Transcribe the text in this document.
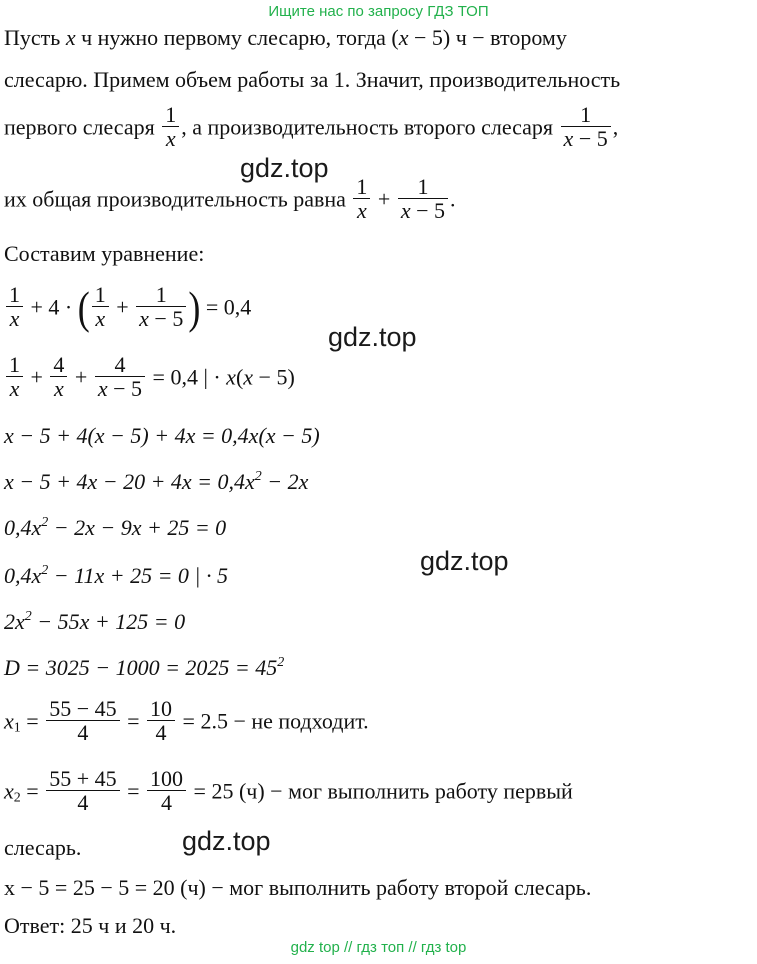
Ищите нас по запросу ГДЗ ТОП
Пусть x ч нужно первому слесарю, тогда (x − 5) ч − второму
слесарю. Примем объем работы за 1. Значит, производительность
первого слесаря $\frac{1}{x}$ , а производительность второго слесаря $\frac{1}{x - 5}$ ,
gdz.top
их общая производительность равна $\frac{1}{x} + \frac{1}{x - 5}$ .
Составим уравнение:
$\frac{1}{x} + 4$ · ( $\frac{1}{x} + \frac{1}{x - 5}$ ) = 0,4
gdz.top
$\frac{1}{x} + \frac{4}{x} + \frac{4}{x - 5} = 0,4$ | · x(x − 5)
x − 5 + 4(x − 5) + 4x = 0,4x(x − 5)
$x - 5 + 4x - 20 + 4x = 0,4x^2 - 2x$
$0,4x^2 - 2x - 9x + 25 = 0$
gdz.top
$0,4x^2 - 11x + 25 = 0$ | · 5
$2x^2 - 55x + 125 = 0$
$D = 3025 - 1000 = 2025 = 45^2$
$x_1 = \frac{55 - 45}{4} = \frac{10}{4} = 2.5$ − не подходит.
$x_2 = \frac{55 + 45}{4} = \frac{100}{4} = 25$ (ч) − мог выполнить работу первый
слесарь.	gdz.top
x − 5 = 25 − 5 = 20 (ч) − мог выполнить работу второй слесарь.
Ответ: 25 ч и 20 ч.
gdz top // гдз топ // гдз top
